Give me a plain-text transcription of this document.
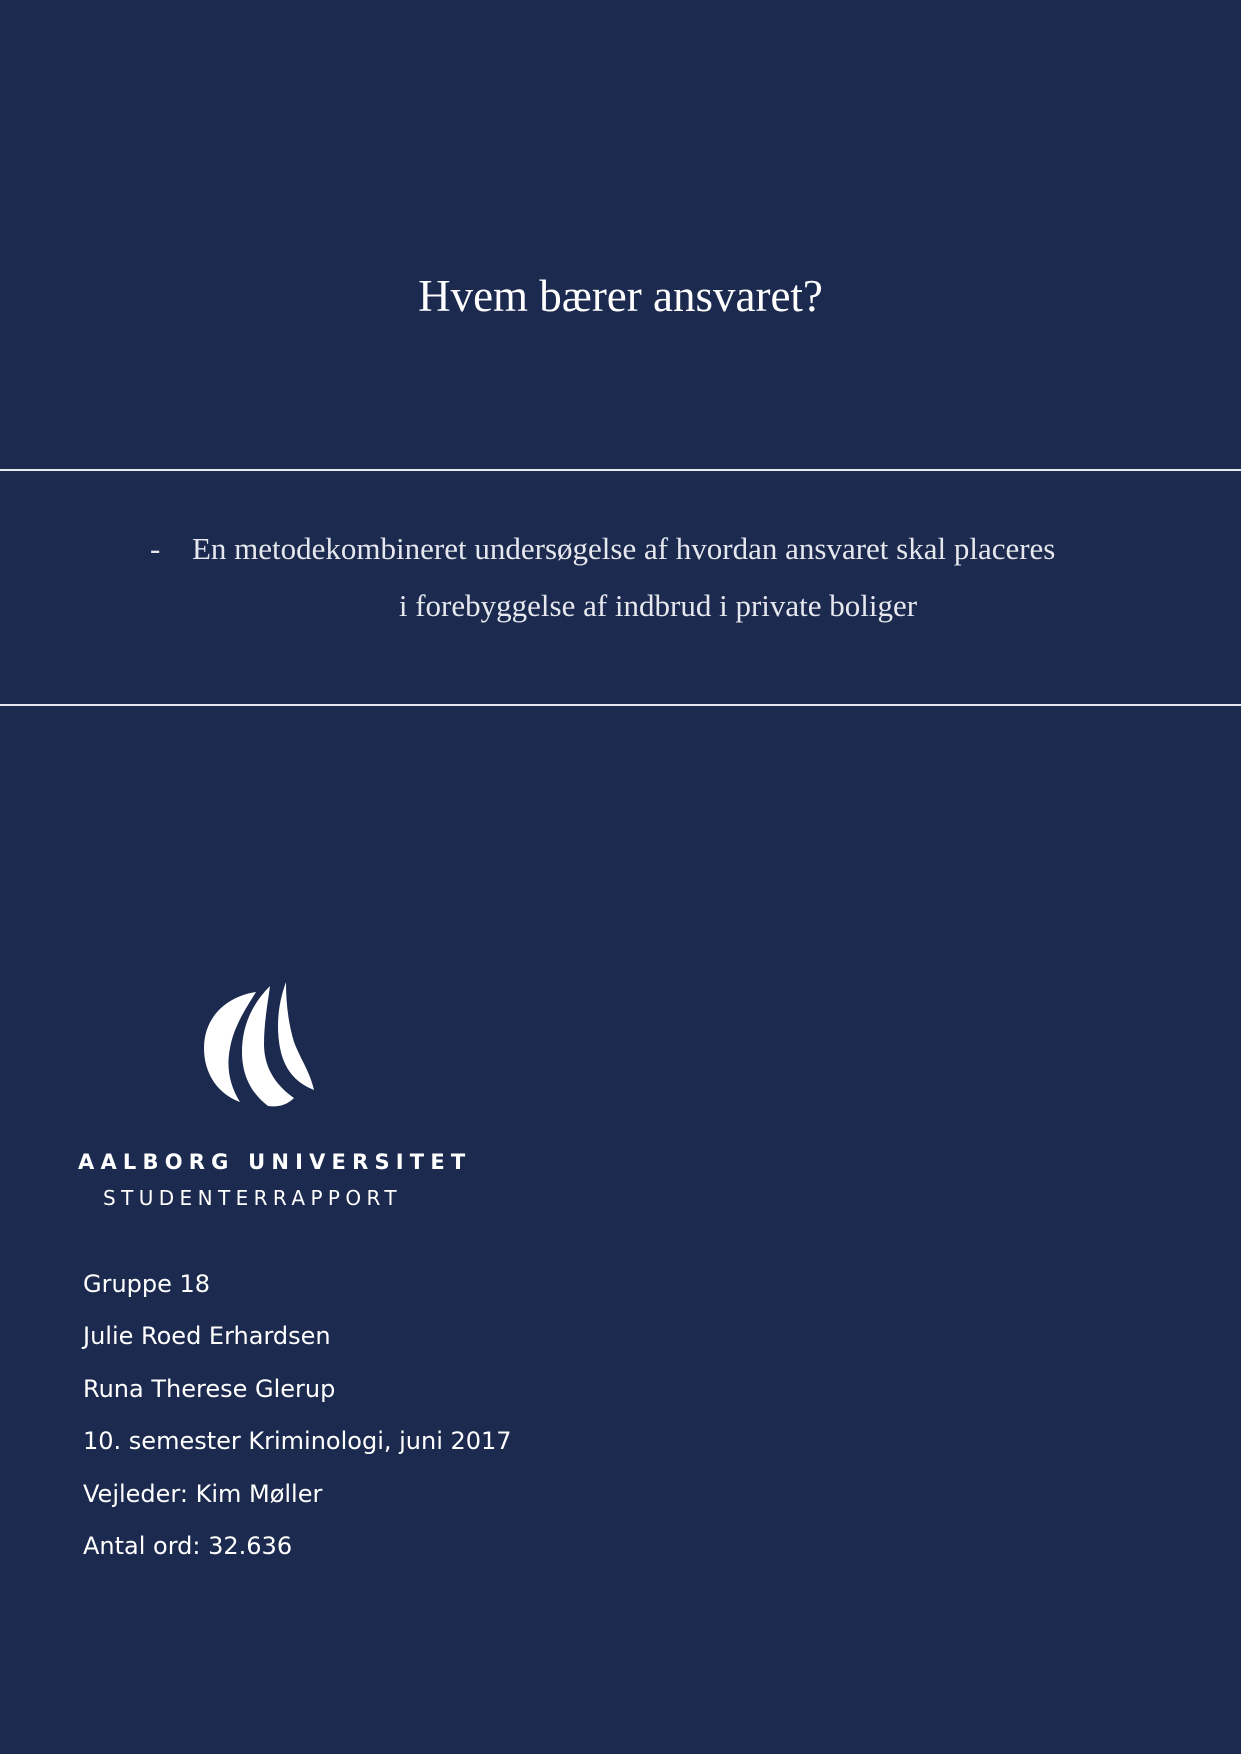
Hvem bærer ansvaret?
- En metodekombineret undersøgelse af hvordan ansvaret skal placeres
i forebyggelse af indbrud i private boliger
AALBORG UNIVERSITET
STUDENTERRAPPORT
Gruppe 18
Julie Roed Erhardsen
Runa Therese Glerup
10. semester Kriminologi, juni 2017
Vejleder: Kim Møller
Antal ord: 32.636
